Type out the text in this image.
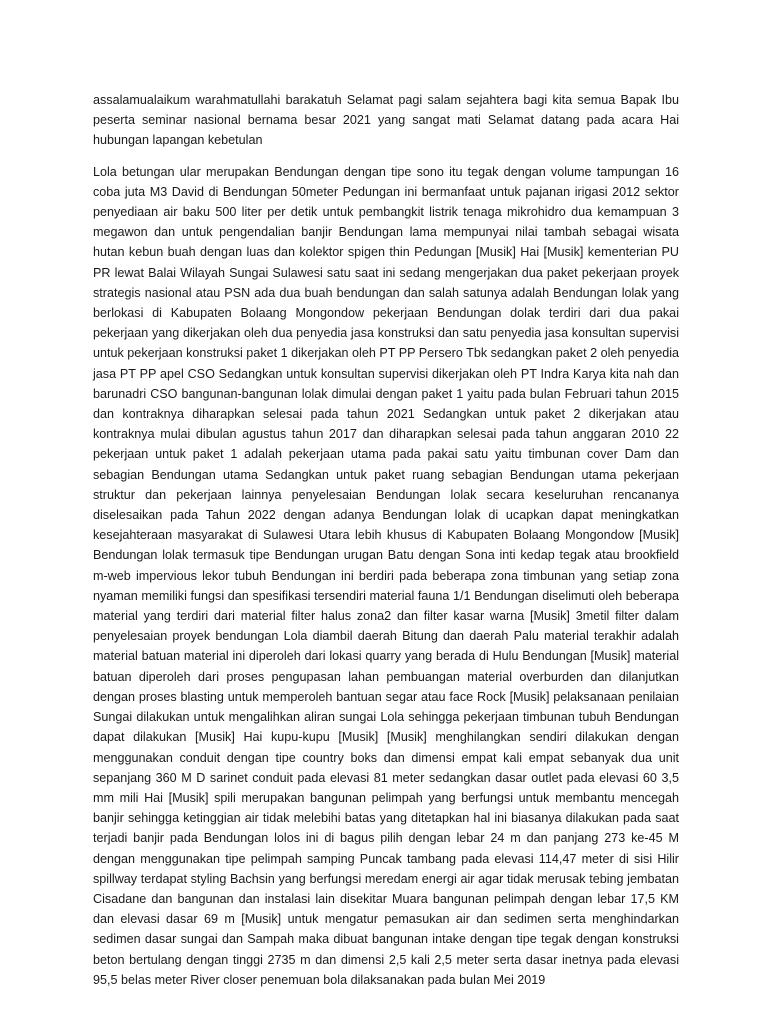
assalamualaikum warahmatullahi barakatuh Selamat pagi salam sejahtera bagi kita semua Bapak Ibu peserta seminar nasional bernama besar 2021 yang sangat mati Selamat datang pada acara Hai hubungan lapangan kebetulan

Lola betungan ular merupakan Bendungan dengan tipe sono itu tegak dengan volume tampungan 16 coba juta M3 David di Bendungan 50meter Pedungan ini bermanfaat untuk pajanan irigasi 2012 sektor penyediaan air baku 500 liter per detik untuk pembangkit listrik tenaga mikrohidro dua kemampuan 3 megawon dan untuk pengendalian banjir Bendungan lama mempunyai nilai tambah sebagai wisata hutan kebun buah dengan luas dan kolektor spigen thin Pedungan [Musik] Hai [Musik] kementerian PU PR lewat Balai Wilayah Sungai Sulawesi satu saat ini sedang mengerjakan dua paket pekerjaan proyek strategis nasional atau PSN ada dua buah bendungan dan salah satunya adalah Bendungan lolak yang berlokasi di Kabupaten Bolaang Mongondow pekerjaan Bendungan dolak terdiri dari dua pakai pekerjaan yang dikerjakan oleh dua penyedia jasa konstruksi dan satu penyedia jasa konsultan supervisi untuk pekerjaan konstruksi paket 1 dikerjakan oleh PT PP Persero Tbk sedangkan paket 2 oleh penyedia jasa PT PP apel CSO Sedangkan untuk konsultan supervisi dikerjakan oleh PT Indra Karya kita nah dan barunadri CSO bangunan-bangunan lolak dimulai dengan paket 1 yaitu pada bulan Februari tahun 2015 dan kontraknya diharapkan selesai pada tahun 2021 Sedangkan untuk paket 2 dikerjakan atau kontraknya mulai dibulan agustus tahun 2017 dan diharapkan selesai pada tahun anggaran 2010 22 pekerjaan untuk paket 1 adalah pekerjaan utama pada pakai satu yaitu timbunan cover Dam dan sebagian Bendungan utama Sedangkan untuk paket ruang sebagian Bendungan utama pekerjaan struktur dan pekerjaan lainnya penyelesaian Bendungan lolak secara keseluruhan rencananya diselesaikan pada Tahun 2022 dengan adanya Bendungan lolak di ucapkan dapat meningkatkan kesejahteraan masyarakat di Sulawesi Utara lebih khusus di Kabupaten Bolaang Mongondow [Musik] Bendungan lolak termasuk tipe Bendungan urugan Batu dengan Sona inti kedap tegak atau brookfield m-web impervious lekor tubuh Bendungan ini berdiri pada beberapa zona timbunan yang setiap zona nyaman memiliki fungsi dan spesifikasi tersendiri material fauna 1/1 Bendungan diselimuti oleh beberapa material yang terdiri dari material filter halus zona2 dan filter kasar warna [Musik] 3metil filter dalam penyelesaian proyek bendungan Lola diambil daerah Bitung dan daerah Palu material terakhir adalah material batuan material ini diperoleh dari lokasi quarry yang berada di Hulu Bendungan [Musik] material batuan diperoleh dari proses pengupasan lahan pembuangan material overburden dan dilanjutkan dengan proses blasting untuk memperoleh bantuan segar atau face Rock [Musik] pelaksanaan penilaian Sungai dilakukan untuk mengalihkan aliran sungai Lola sehingga pekerjaan timbunan tubuh Bendungan dapat dilakukan [Musik] Hai kupu-kupu [Musik] [Musik] menghilangkan sendiri dilakukan dengan menggunakan conduit dengan tipe country boks dan dimensi empat kali empat sebanyak dua unit sepanjang 360 M D sarinet conduit pada elevasi 81 meter sedangkan dasar outlet pada elevasi 60 3,5 mm mili Hai [Musik] spili merupakan bangunan pelimpah yang berfungsi untuk membantu mencegah banjir sehingga ketinggian air tidak melebihi batas yang ditetapkan hal ini biasanya dilakukan pada saat terjadi banjir pada Bendungan lolos ini di bagus pilih dengan lebar 24 m dan panjang 273 ke-45 M dengan menggunakan tipe pelimpah samping Puncak tambang pada elevasi 114,47 meter di sisi Hilir spillway terdapat styling Bachsin yang berfungsi meredam energi air agar tidak merusak tebing jembatan Cisadane dan bangunan dan instalasi lain disekitar Muara bangunan pelimpah dengan lebar 17,5 KM dan elevasi dasar 69 m [Musik] untuk mengatur pemasukan air dan sedimen serta menghindarkan sedimen dasar sungai dan Sampah maka dibuat bangunan intake dengan tipe tegak dengan konstruksi beton bertulang dengan tinggi 2735 m dan dimensi 2,5 kali 2,5 meter serta dasar inetnya pada elevasi 95,5 belas meter River closer penemuan bola dilaksanakan pada bulan Mei 2019
